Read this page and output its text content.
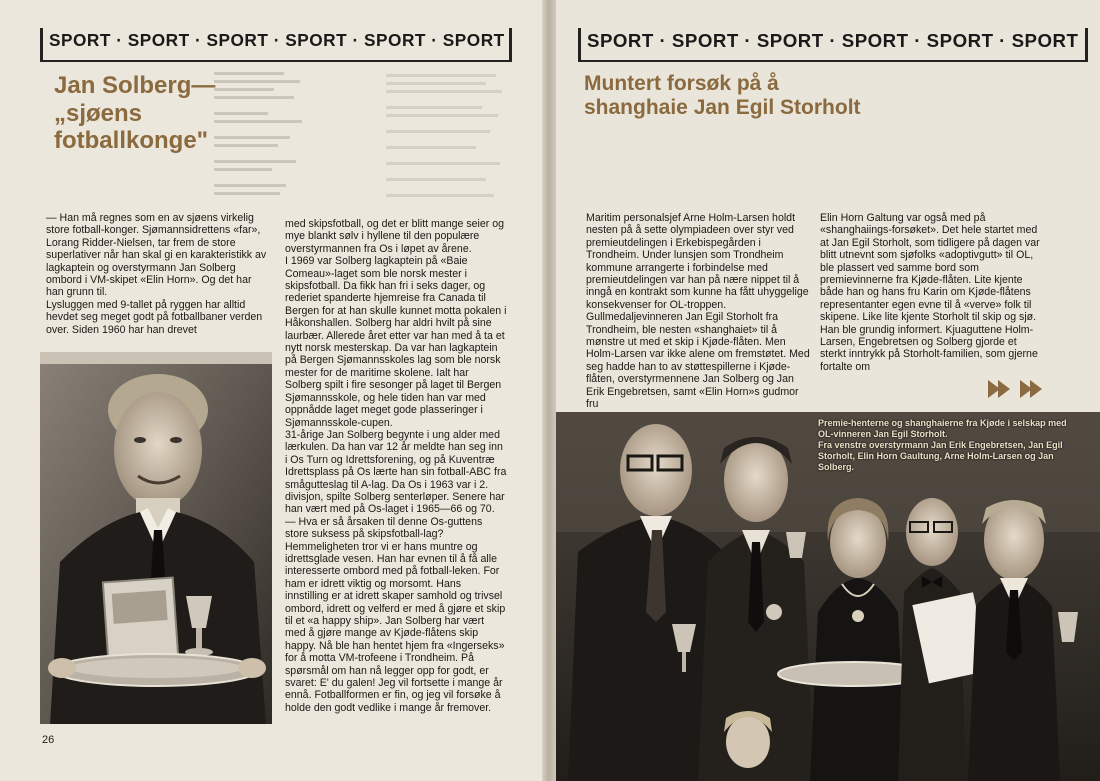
SPORT · SPORT · SPORT · SPORT · SPORT · SPORT
Jan Solberg—
„sjøens fotballkonge"

— Han må regnes som en av sjøens virkelig store fotball-konger. Sjømannsidrettens «far», Lorang Ridder-Nielsen, tar frem de store superlativer når han skal gi en karakteristikk av lagkaptein og overstyrmann Jan Solberg ombord i VM-skipet «Elin Horn». Og det har han grunn til.

Lysluggen med 9-tallet på ryggen har alltid hevdet seg meget godt på fotballbaner verden over. Siden 1960 har han drevet

med skipsfotball, og det er blitt mange seier og mye blankt sølv i hyllene til den populære overstyrmannen fra Os i løpet av årene.

I 1969 var Solberg lagkaptein på «Baie Comeau»-laget som ble norsk mester i skipsfotball. Da fikk han fri i seks dager, og rederiet spanderte hjemreise fra Canada til Bergen for at han skulle kunnet motta pokalen i Håkonshallen. Solberg har aldri hvilt på sine laurbær. Allerede året etter var han med å ta et nytt norsk mesterskap. Da var han lagkaptein på Bergen Sjømannsskoles lag som ble norsk mester for de maritime skolene. Ialt har Solberg spilt i fire sesonger på laget til Bergen Sjømannsskole, og hele tiden han var med oppnådde laget meget gode plasseringer i Sjømannsskole-cupen.

31-årige Jan Solberg begynte i ung alder med lærkulen. Da han var 12 år meldte han seg inn i Os Turn og Idrettsforening, og på Kuventræ Idrettsplass på Os lærte han sin fotball-ABC fra smågutteslag til A-lag. Da Os i 1963 var i 2. divisjon, spilte Solberg senterløper. Senere har han vært med på Os-laget i 1965—66 og 70.

— Hva er så årsaken til denne Os-guttens store suksess på skipsfotball-lag? Hemmeligheten tror vi er hans muntre og idrettsglade vesen. Han har evnen til å få alle interesserte ombord med på fotball-leken. For ham er idrett viktig og morsomt. Hans innstilling er at idrett skaper samhold og trivsel ombord, idrett og velferd er med å gjøre et skip til et «a happy ship». Jan Solberg har vært med å gjøre mange av Kjøde-flåtens skip happy. Nå ble han hentet hjem fra «Ingerseks» for å motta VM-trofeene i Trondheim. På spørsmål om han nå legger opp for godt, er svaret: E' du galen! Jeg vil fortsette i mange år ennå. Fotballformen er fin, og jeg vil forsøke å holde den godt vedlike i mange år fremover.

26
SPORT · SPORT · SPORT · SPORT · SPORT · SPORT
Muntert forsøk på å
shanghaie Jan Egil Storholt

Maritim personalsjef Arne Holm-Larsen holdt nesten på å sette olympiadeen over styr ved premieutdelingen i Erkebispegården i Trondheim. Under lunsjen som Trondheim kommune arrangerte i forbindelse med premieutdelingen var han på nære nippet til å inngå en kontrakt som kunne ha fått uhyggelige konsekvenser for OL-troppen. Gullmedaljevinneren Jan Egil Storholt fra Trondheim, ble nesten «shanghaiet» til å mønstre ut med et skip i Kjøde-flåten. Men Holm-Larsen var ikke alene om fremstøtet. Med seg hadde han to av støttespillerne i Kjøde-flåten, overstyrmennene Jan Solberg og Jan Erik Engebretsen, samt «Elin Horn»s gudmor fru

Elin Horn Galtung var også med på «shanghaiings-forsøket». Det hele startet med at Jan Egil Storholt, som tidligere på dagen var blitt utnevnt som sjøfolks «adoptivgutt» til OL, ble plassert ved samme bord som premievinnerne fra Kjøde-flåten. Lite kjente både han og hans fru Karin om Kjøde-flåtens representanter egen evne til å «verve» folk til skipene. Like lite kjente Storholt til skip og sjø. Han ble grundig informert. Kjuaguttene Holm-Larsen, Engebretsen og Solberg gjorde et sterkt inntrykk på Storholt-familien, som gjerne fortalte om

Premie-henterne og shanghaierne fra Kjøde i selskap med OL-vinneren Jan Egil Storholt.
Fra venstre overstyrmann Jan Erik Engebretsen, Jan Egil Storholt, Elin Horn Gaultung, Arne Holm-Larsen og Jan Solberg.
